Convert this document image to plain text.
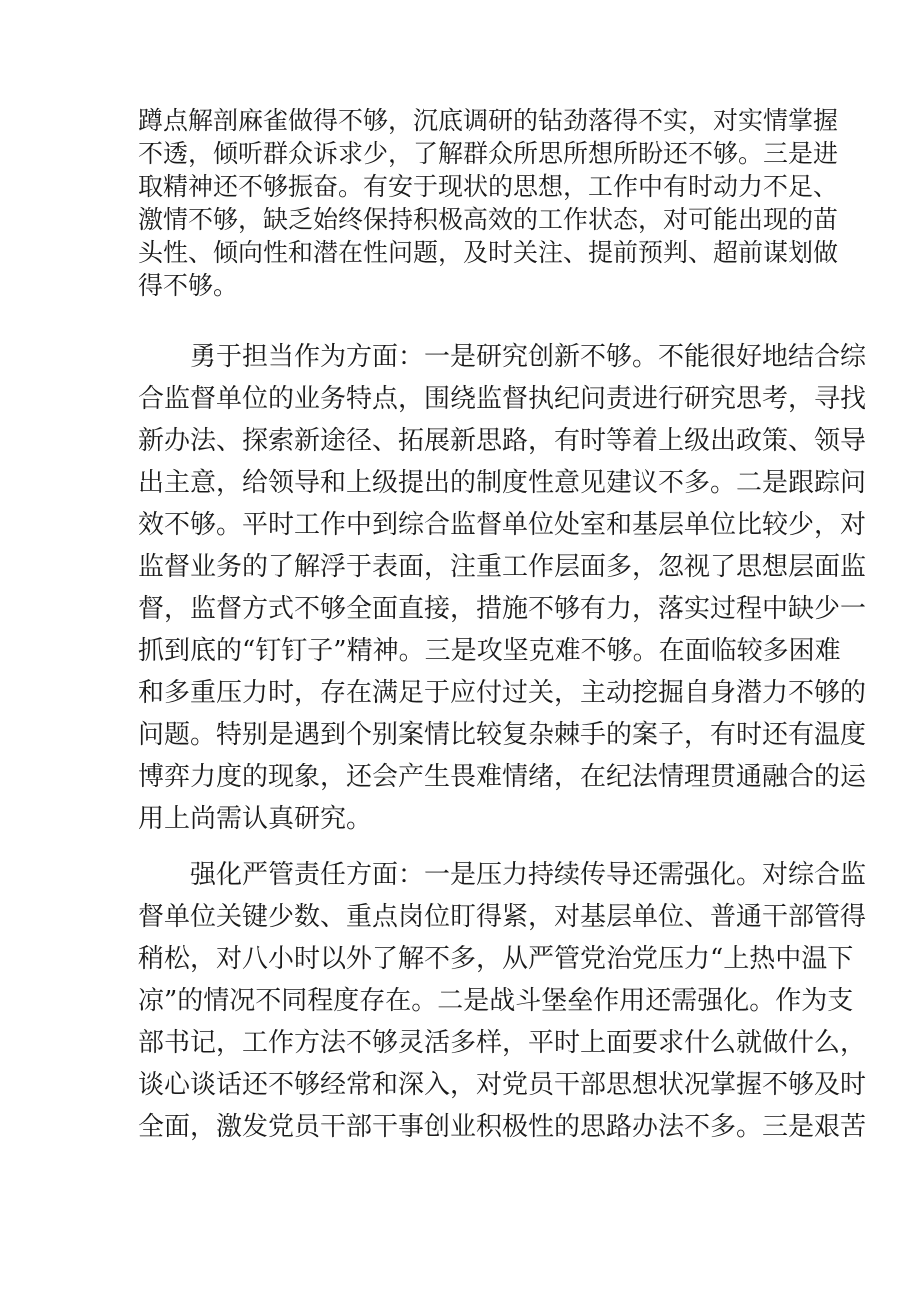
蹲点解剖麻雀做得不够，沉底调研的钻劲落得不实，对实情掌握
不透，倾听群众诉求少，了解群众所思所想所盼还不够。三是进
取精神还不够振奋。有安于现状的思想，工作中有时动力不足、
激情不够，缺乏始终保持积极高效的工作状态，对可能出现的苗
头性、倾向性和潜在性问题，及时关注、提前预判、超前谋划做
得不够。
勇于担当作为方面：一是研究创新不够。不能很好地结合综
合监督单位的业务特点，围绕监督执纪问责进行研究思考，寻找
新办法、探索新途径、拓展新思路，有时等着上级出政策、领导
出主意，给领导和上级提出的制度性意见建议不多。二是跟踪问
效不够。平时工作中到综合监督单位处室和基层单位比较少，对
监督业务的了解浮于表面，注重工作层面多，忽视了思想层面监
督，监督方式不够全面直接，措施不够有力，落实过程中缺少一
抓到底的“钉钉子”精神。三是攻坚克难不够。在面临较多困难
和多重压力时，存在满足于应付过关，主动挖掘自身潜力不够的
问题。特别是遇到个别案情比较复杂棘手的案子，有时还有温度
博弈力度的现象，还会产生畏难情绪，在纪法情理贯通融合的运
用上尚需认真研究。
强化严管责任方面：一是压力持续传导还需强化。对综合监
督单位关键少数、重点岗位盯得紧，对基层单位、普通干部管得
稍松，对八小时以外了解不多，从严管党治党压力“上热中温下
凉”的情况不同程度存在。二是战斗堡垒作用还需强化。作为支
部书记，工作方法不够灵活多样，平时上面要求什么就做什么，
谈心谈话还不够经常和深入，对党员干部思想状况掌握不够及时
全面，激发党员干部干事创业积极性的思路办法不多。三是艰苦
